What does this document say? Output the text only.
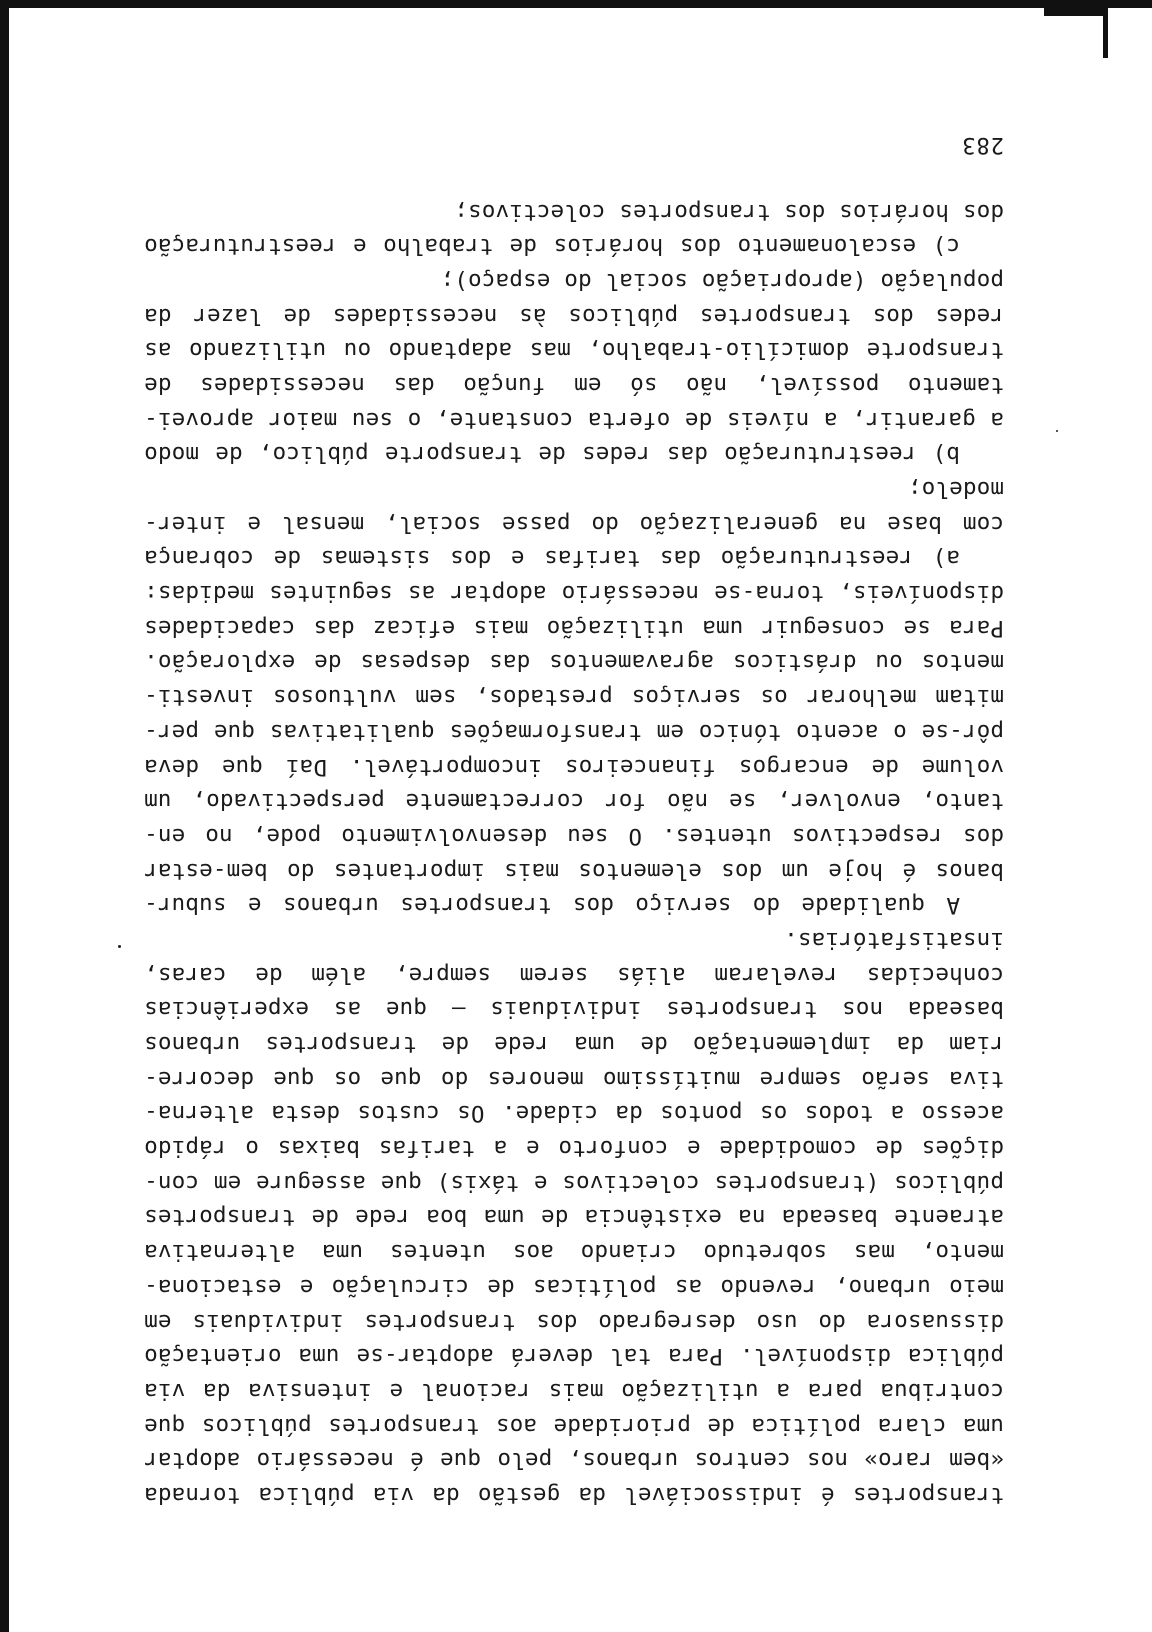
transportes é indissociável da gestão da via pública tornada
«bem raro» nos centros urbanos, pelo que é necessário adoptar
uma clara política de prioridade aos transportes públicos que
contribua para a utilização mais racional e intensiva da via
pública disponível. Para tal deverá adoptar-se uma orientação
dissuasora do uso desregrado dos transportes individuais em
meio urbano, revendo as políticas de circulação e estaciona-
mento, mas sobretudo criando aos utentes uma alternativa
atraente baseada na existência de uma boa rede de transportes
públicos (transportes colectivos e táxis) que assegure em con-
dições de comodidade e conforto e a tarifas baixas o rápido
acesso a todos os pontos da cidade. Os custos desta alterna-
tiva serão sempre muitíssimo menores do que os que decorre-
riam da implementação de uma rede de transportes urbanos
baseada nos transportes individuais — que as experiências
conhecidas revelaram aliás serem sempre, além de caras,
insatisfatórias.
A qualidade do serviço dos transportes urbanos e subur-
banos é hoje um dos elementos mais importantes do bem-estar
dos respectivos utentes. O seu desenvolvimento pode, no en-
tanto, envolver, se não for correctamente perspectivado, um
volume de encargos financeiros incomportável. Daí que deva
pôr-se o acento tónico em transformações qualitativas que per-
mitam melhorar os serviços prestados, sem vultuosos investi-
mentos ou drásticos agravamentos das despesas de exploração.
Para se conseguir uma utilização mais eficaz das capacidades
disponíveis, torna-se necessário adoptar as seguintes medidas:
a) reestruturação das tarifas e dos sistemas de cobrança
com base na generalização do passe social, mensal e inter-
modelo;
b) reestruturação das redes de transporte público, de modo
a garantir, a níveis de oferta constante, o seu maior aprovei-
tamento possível, não só em função das necessidades de
transporte domicílio-trabalho, mas adaptando ou utilizando as
redes dos transportes públicos às necessidades de lazer da
população (apropriação social do espaço);
c) escalonamento dos horários de trabalho e reestruturação
dos horários dos transportes colectivos;
283
